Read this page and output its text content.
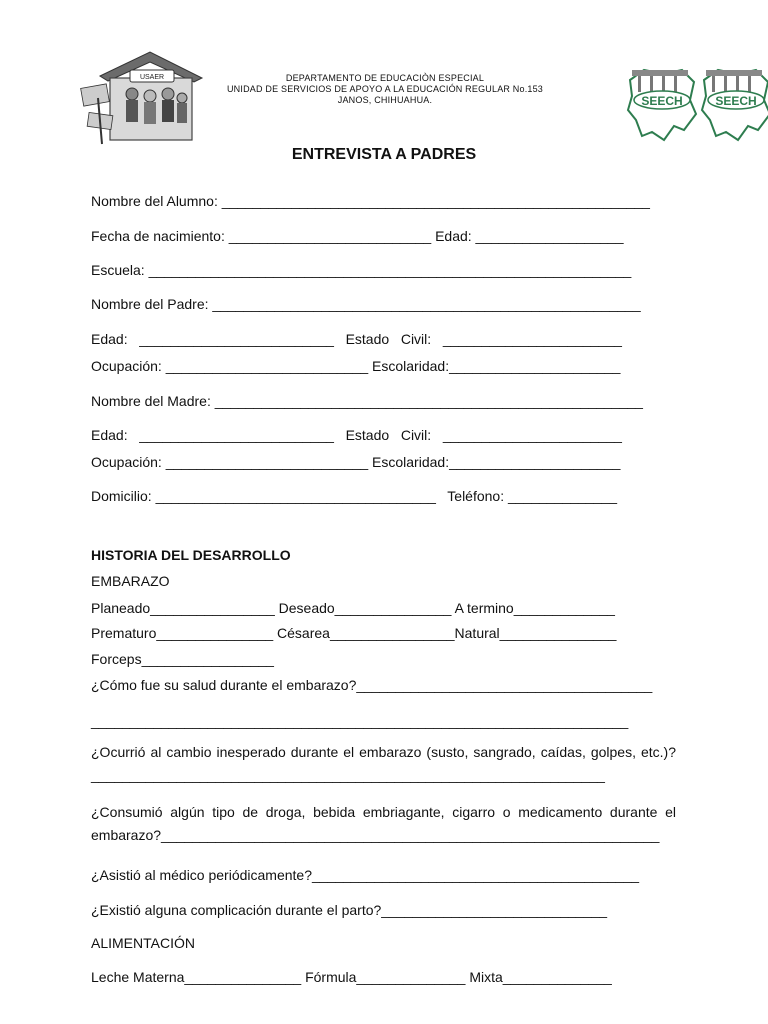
USAER	DEPARTAMENTO DE EDUCACIÒN ESPECIAL
UNIDAD DE SERVICIOS DE APOYO A LA EDUCACIÓN REGULAR No.153
JANOS, CHIHUAHUA.	SEECH	SEECH
ENTREVISTA A PADRES
Nombre del Alumno: _______________________________________________________
Fecha de nacimiento: __________________________ Edad: ___________________
Escuela: ______________________________________________________________
Nombre del Padre: _______________________________________________________
Edad:   _________________________   Estado   Civil:   _______________________
Ocupación: __________________________ Escolaridad:______________________
Nombre del Madre: _______________________________________________________
Edad:   _________________________   Estado   Civil:   _______________________
Ocupación: __________________________ Escolaridad:______________________
Domicilio: ____________________________________   Teléfono: ______________
HISTORIA DEL DESARROLLO
EMBARAZO
Planeado________________ Deseado_______________ A termino_____________
Prematuro_______________ Césarea________________Natural_______________
Forceps_________________
¿Cómo fue su salud durante el embarazo?______________________________________
_____________________________________________________________________
¿Ocurrió al cambio inesperado durante el embarazo (susto, sangrado, caídas, golpes, etc.)?__________________________________________________________________
¿Consumió algún tipo de droga, bebida embriagante, cigarro o medicamento durante el embarazo?________________________________________________________________
¿Asistió al médico periódicamente?__________________________________________
¿Existió alguna complicación durante el parto?_____________________________
ALIMENTACIÓN
Leche Materna_______________ Fórmula______________ Mixta______________
